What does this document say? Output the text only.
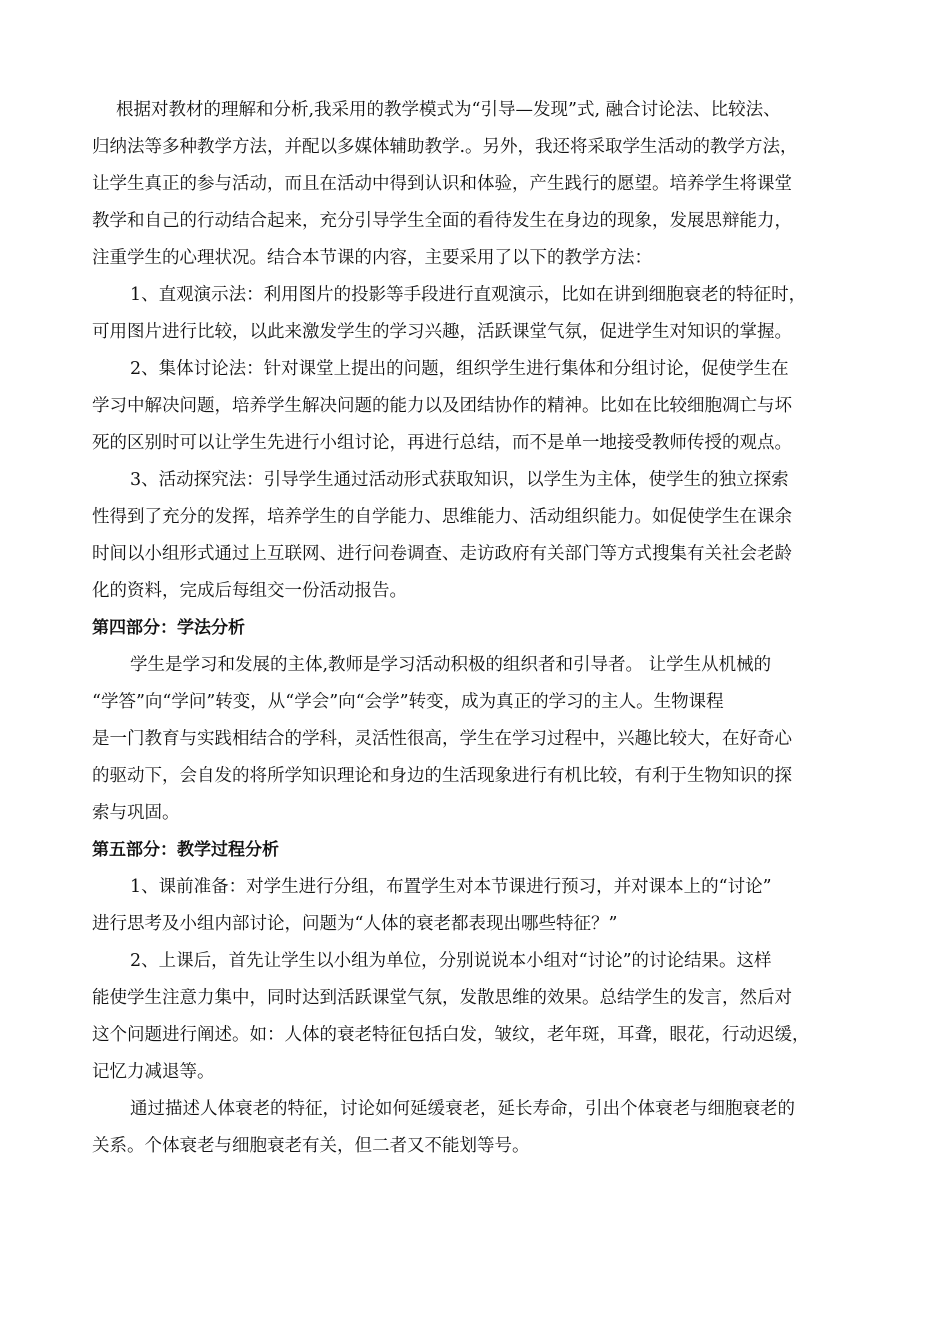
根据对教材的理解和分析,我采用的教学模式为“引导—发现”式, 融合讨论法、比较法、
归纳法等多种教学方法，并配以多媒体辅助教学.。另外，我还将采取学生活动的教学方法，
让学生真正的参与活动，而且在活动中得到认识和体验，产生践行的愿望。培养学生将课堂
教学和自己的行动结合起来，充分引导学生全面的看待发生在身边的现象，发展思辩能力，
注重学生的心理状况。结合本节课的内容，主要采用了以下的教学方法：
1、直观演示法：利用图片的投影等手段进行直观演示，比如在讲到细胞衰老的特征时，
可用图片进行比较，以此来激发学生的学习兴趣，活跃课堂气氛，促进学生对知识的掌握。
2、集体讨论法：针对课堂上提出的问题，组织学生进行集体和分组讨论，促使学生在
学习中解决问题，培养学生解决问题的能力以及团结协作的精神。比如在比较细胞凋亡与坏
死的区别时可以让学生先进行小组讨论，再进行总结，而不是单一地接受教师传授的观点。
3、活动探究法：引导学生通过活动形式获取知识，以学生为主体，使学生的独立探索
性得到了充分的发挥，培养学生的自学能力、思维能力、活动组织能力。如促使学生在课余
时间以小组形式通过上互联网、进行问卷调查、走访政府有关部门等方式搜集有关社会老龄
化的资料，完成后每组交一份活动报告。
第四部分：学法分析
学生是学习和发展的主体,教师是学习活动积极的组织者和引导者。 让学生从机械的
“学答”向“学问”转变，从“学会”向“会学”转变，成为真正的学习的主人。生物课程
是一门教育与实践相结合的学科，灵活性很高，学生在学习过程中，兴趣比较大，在好奇心
的驱动下，会自发的将所学知识理论和身边的生活现象进行有机比较，有利于生物知识的探
索与巩固。
第五部分：教学过程分析
1、课前准备：对学生进行分组，布置学生对本节课进行预习，并对课本上的“讨论”
进行思考及小组内部讨论，问题为“人体的衰老都表现出哪些特征？”
2、上课后，首先让学生以小组为单位，分别说说本小组对“讨论”的讨论结果。这样
能使学生注意力集中，同时达到活跃课堂气氛，发散思维的效果。总结学生的发言，然后对
这个问题进行阐述。如：人体的衰老特征包括白发，皱纹，老年斑，耳聋，眼花，行动迟缓，
记忆力减退等。
通过描述人体衰老的特征，讨论如何延缓衰老，延长寿命，引出个体衰老与细胞衰老的
关系。个体衰老与细胞衰老有关，但二者又不能划等号。
